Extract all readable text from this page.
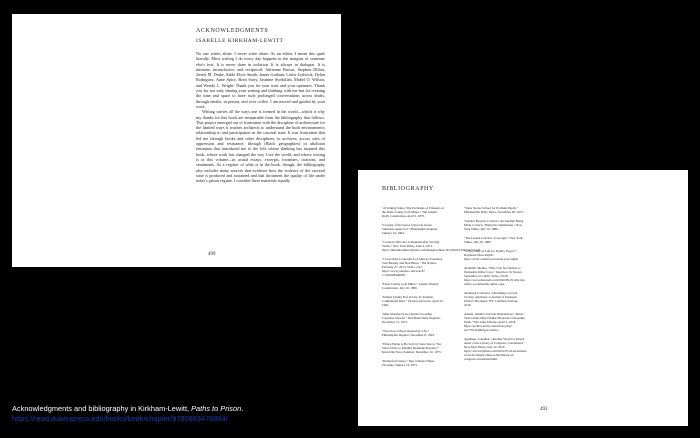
ACKNOWLEDGMENTS
ISABELLE KIRKHAM-LEWITT

No one writes alone. I never write alone. As an editor, I mean this quite literally. Most writing I do every day happens in the margins of someone else's text. It is never done in isolation. It is always in dialogue. It is intimate, inconclusive, and reciprocal. Adrienne Brown, Stephen Dillon, Jarrett M. Drake, Sable Elyse Smith, James Graham, Leslie Lodwick, Dylan Rodríguez, Anne Spice, Brett Story, Jasmine Syedullah, Mabel O. Wilson, and Wendy L. Wright: Thank you for your trust and your openness. Thank you for not only sharing your writing and thinking with me but for creating the time and space to have such prolonged conversations across drafts, through emails, in person, and over coffee. I am moved and guided by your work.

Writing carries all the ways one is formed in the world—which is why my thanks for this book are inseparable from the bibliography that follows. This project emerged out of frustration with the discipline of architecture for the limited ways it teaches architects to understand the built environment's relationship to and participation in the carceral state. It was frustration that led me through books and other disciplines; to archives; across sites of oppression and resistance; through (Black geographies) to abolition feminism that introduced me to the folx whose thinking has inspired this book, whose work has changed the way I see the world, and whose writing is in this volume—in actual essays, excerpts, footnotes, citations, and sentiments. As a register of what is in the book, though, the bibliography also includes many sources that evidence how the violence of the carceral state is produced and sustained and that document the quality of life under today's prison regime. I consider these materials equally

499
BIBLIOGRAPHY

"A Striking Satire: The Exchange of Prisoners at the Dade County Coal Mines." The Atlanta Daily Constitution, April 9, 1875.

"Closing of the Sonoa School in Green Valindess Approved." Philadelphia Inquirer, January 24, 1994.

"Convicts Who Are to Demand after Serving Terms." New York Times, June 4, 1913. https://timesmachine.nytimes.com/timesmachine/1913/06/04/104701773.pdf.

"Corrections Corporation of America Founders Tom Beasley and Don Hutto." The Nation, February 27, 2013. Video, 2:47. https://www.youtube.com/watch?v=5hSmHdxRbIE.

"Dade County Coal Mines." Atlanta Weekly Constitution, July 20, 1880.

"Inmate Typing Prof in City To Transfer Confidential Data." Victoria Advocate, April 22, 1981.

"Men Sickened Save Operate Scouring Carpenter Stewart." Red Bank Daily Register, December 31, 1975.

"New Koss School Opened by City." Philadelphia Inquirer, December 8, 1993.

"Prince Home to Be Sold by State Sale to 'Tax Sierra Drive to Rebuild Mountain Property.'" Knoxville News Sentinel, December 10, 1975.

"Rutherford States." New Orleans Times-Picayune, January 10, 1871.

"Sales Stocks School for Problem Pupils." Philadelphia Daily News, November 28, 1973.

"Senator Brown's Convicts: An Attempt Being Made to Starve Them into Submission." New York Times, July 10, 1886.

"The Leased Convicts of Georgia." New York Times, July 29, 1880.

"A New Way of Life for Poultry Project." Raymond Nose Rights. https://ecofl.com/incarceration-your-rights.

Abdullah, Melina. "Why I Do Not Refuse to Permeable Killer Cops." Interview by Nerual, September 25, 2020. Video, 23:28. https://www.maxwell.com/2020/09/25/why-the-refuse-to-permeable-killer-cops.

Abolition Collective. Abolishing Carceral Society. Abolition: A Journal of Insurgent Politics. Brooklyn, NY: Common Notions, 2018.

Adams, Jennifer and Van Dobbelsteen. "Inside Tech-Giants Help Further Moderate Censorship Work." Salt Lake Tribune, April 2, 2018. https://archive.sltrib.com/article.php?id=7701452&itype=cmsid.

Agudiuze, Jonathan. "Another Word for 'Illegal Alien' at the Library of Congress: Contraband." New York Times, July 22, 2016. https://www.nytimes.com/2016/07/22/us/another-word-for-illegal-alien-at-the-library-of-congress-contraband.html.

493
Acknowledgments and bibliography in Kirkham-Lewitt, Paths to Prison.
https://read.dukeupress.edu/books/book/chapter/9780983476864/
